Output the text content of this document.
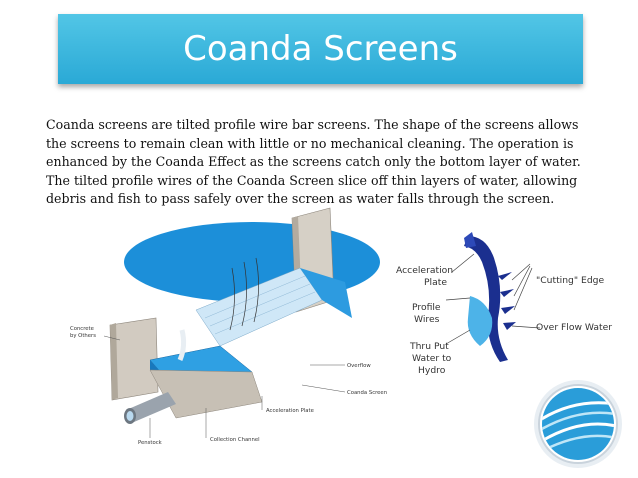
Coanda Screens
Coanda screens are tilted profile wire bar screens. The shape of the screens allows the screens to remain clean with little or no mechanical cleaning. The operation is enhanced by the Coanda Effect as the screens catch only the bottom layer of water. The tilted profile wires of the Coanda Screen slice off thin layers of water, allowing debris and fish to pass safely over the screen as water falls through the screen.
Concrete
by Others
Overflow
Coanda Screen
Acceleration Plate
Collection Channel
Penstock
Acceleration
Plate
Profile
Wires
Thru Put
Water to
Hydro
"Cutting" Edge
Over Flow Water
